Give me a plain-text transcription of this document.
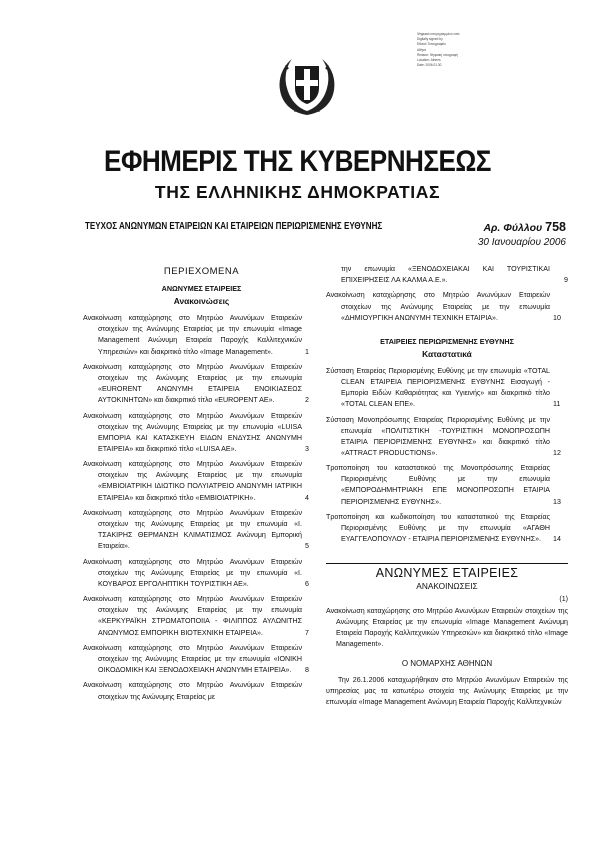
Ψηφιακά υπογεγραμμένο από
Digitally signed by
Εθνικό Τυπογραφείο
Αθήνα
Reason: Ψηφιακή υπογραφή
Location: Athens
Date: 2006.01.30
ΕΦΗΜΕΡΙΣ ΤΗΣ ΚΥΒΕΡΝΗΣΕΩΣ
ΤΗΣ ΕΛΛΗΝΙΚΗΣ ΔΗΜΟΚΡΑΤΙΑΣ
ΤΕΥΧΟΣ ΑΝΩΝΥΜΩΝ ΕΤΑΙΡΕΙΩΝ ΚΑΙ ΕΤΑΙΡΕΙΩΝ ΠΕΡΙΩΡΙΣΜΕΝΗΣ ΕΥΘΥΝΗΣ	Αρ. Φύλλου 758
30 Ιανουαρίου 2006
ΠΕΡΙΕΧΟΜΕΝΑ
ΑΝΩΝΥΜΕΣ ΕΤΑΙΡΕΙΕΣ
Ανακοινώσεις
Ανακοίνωση καταχώρησης στο Μητρώο Ανωνύμων Εταιρειών στοιχείων της Ανώνυμης Εταιρείας με την επωνυμία «Image Management Ανώνυμη Εταιρεία Παροχής Καλλιτεχνικών Υπηρεσιών» και διακριτικό τίτλο «Image Management».	1
Ανακοίνωση καταχώρησης στο Μητρώο Ανωνύμων Εταιρειών στοιχείων της Ανώνυμης Εταιρείας με την επωνυμία «EURORENT ΑΝΩΝΥΜΗ ΕΤΑΙΡΕΙΑ ΕΝΟΙΚΙΑΣΕΩΣ ΑΥΤΟΚΙΝΗΤΩΝ» και διακριτικό τίτλο «EUROPENT AE».	2
Ανακοίνωση καταχώρησης στο Μητρώο Ανωνύμων Εταιρειών στοιχείων της Ανώνυμης Εταιρείας με την επωνυμία «LUISA ΕΜΠΟΡΙΑ ΚΑΙ ΚΑΤΑΣΚΕΥΗ ΕΙΔΩΝ ΕΝΔΥΣΗΣ ΑΝΩΝΥΜΗ ΕΤΑΙΡΕΙΑ» και διακριτικό τίτλο «LUISA AE».	3
Ανακοίνωση καταχώρησης στο Μητρώο Ανωνύμων Εταιρειών στοιχείων της Ανώνυμης Εταιρείας με την επωνυμία «ΕΜΒΙΟΙΑΤΡΙΚΗ ΙΔΙΩΤΙΚΟ ΠΟΛΥΙΑΤΡΕΙΟ ΑΝΩΝΥΜΗ ΙΑΤΡΙΚΗ ΕΤΑΙΡΕΙΑ» και διακριτικό τίτλο «ΕΜΒΙΟΙΑΤΡΙΚΗ».	4
Ανακοίνωση καταχώρησης στο Μητρώο Ανωνύμων Εταιρειών στοιχείων της Ανώνυμης Εταιρείας με την επωνυμία «Ι. ΤΣΑΚΙΡΗΣ ΘΕΡΜΑΝΣΗ ΚΛΙΜΑΤΙΣΜΟΣ Ανώνυμη Εμπορική Εταιρεία».	5
Ανακοίνωση καταχώρησης στο Μητρώο Ανωνύμων Εταιρειών στοιχείων της Ανώνυμης Εταιρείας με την επωνυμία «Ι. ΚΟΥΒΑΡΟΣ ΕΡΓΟΛΗΠΤΙΚΗ ΤΟΥΡΙΣΤΙΚΗ ΑΕ».	6
Ανακοίνωση καταχώρησης στο Μητρώο Ανωνύμων Εταιρειών στοιχείων της Ανώνυμης Εταιρείας με την επωνυμία «ΚΕΡΚΥΡΑΪΚΗ ΣΤΡΩΜΑΤΟΠΟΙΙΑ - ΦΙΛΙΠΠΟΣ ΑΥΛΩΝΙΤΗΣ ΑΝΩΝΥΜΟΣ ΕΜΠΟΡΙΚΗ ΒΙΟΤΕΧΝΙΚΗ ΕΤΑΙΡΕΙΑ».	7
Ανακοίνωση καταχώρησης στο Μητρώο Ανωνύμων Εταιρειών στοιχείων της Ανώνυμης Εταιρείας με την επωνυμία «ΙΟΝΙΚΗ ΟΙΚΟΔΟΜΙΚΗ ΚΑΙ ΞΕΝΟΔΟΧΕΙΑΚΗ ΑΝΩΝΥΜΗ ΕΤΑΙΡΕΙΑ». 8
Ανακοίνωση καταχώρησης στο Μητρώο Ανωνύμων Εταιρειών στοιχείων της Ανώνυμης Εταιρείας με
την επωνυμία «ΞΕΝΟΔΟΧΕΙΑΚΑΙ ΚΑΙ ΤΟΥΡΙΣΤΙΚΑΙ ΕΠΙΧΕΙΡΗΣΕΙΣ ΛΑ ΚΑΛΜΑ Α.Ε.».	9
Ανακοίνωση καταχώρησης στο Μητρώο Ανωνύμων Εταιρειών στοιχείων της Ανώνυμης Εταιρείας με την επωνυμία «ΔΗΜΙΟΥΡΓΙΚΗ ΑΝΩΝΥΜΗ ΤΕΧΝΙΚΗ ΕΤΑΙΡΙΑ».	10
ΕΤΑΙΡΕΙΕΣ ΠΕΡΙΩΡΙΣΜΕΝΗΣ ΕΥΘΥΝΗΣ
Καταστατικά
Σύσταση Εταιρείας Περιορισμένης Ευθύνης με την επωνυμία «TOTAL CLEAN ΕΤΑΙΡΕΙΑ ΠΕΡΙΟΡΙΣΜΕΝΗΣ ΕΥΘΥΝΗΣ Εισαγωγή - Εμπορία Ειδών Καθαριότητας και Υγιεινής» και διακριτικό τίτλο «TOTAL CLEAN ΕΠΕ».	11
Σύσταση Μονοπρόσωπης Εταιρείας Περιορισμένης Ευθύνης με την επωνυμία «ΠΟΛΙΤΙΣΤΙΚΗ -ΤΟΥΡΙΣΤΙΚΗ ΜΟΝΟΠΡΟΣΩΠΗ ΕΤΑΙΡΙΑ ΠΕΡΙΟΡΙΣΜΕΝΗΣ ΕΥΘΥΝΗΣ» και διακριτικό τίτλο «ATTRACT PRODUCTIONS».	12
Τροποποίηση του καταστατικού της Μονοπρόσωπης Εταιρείας Περιορισμένης Ευθύνης με την επωνυμία «ΕΜΠΟΡΟΔΗΜΗΤΡΙΑΚΗ ΕΠΕ ΜΟΝΟΠΡΟΣΩΠΗ ΕΤΑΙΡΙΑ ΠΕΡΙΟΡΙΣΜΕΝΗΣ ΕΥΘΥΝΗΣ».	13
Τροποποίηση και κωδικοποίηση του καταστατικού της Εταιρείας Περιορισμένης Ευθύνης με την επωνυμία «ΑΓΑΘΗ ΕΥΑΓΓΕΛΟΠΟΥΛΟΥ - ΕΤΑΙΡΙΑ ΠΕΡΙΟΡΙΣΜΕΝΗΣ ΕΥΘΥΝΗΣ». 14
ΑΝΩΝΥΜΕΣ ΕΤΑΙΡΕΙΕΣ
ΑΝΑΚΟΙΝΩΣΕΙΣ
(1)

Ανακοίνωση καταχώρησης στο Μητρώο Ανωνύμων Εταιρειών στοιχείων της Ανώνυμης Εταιρείας με την επωνυμία «Image Management Ανώνυμη Εταιρεία Παροχής Καλλιτεχνικών Υπηρεσιών» και διακριτικό τίτλο «Image Management».

Ο ΝΟΜΑΡΧΗΣ ΑΘΗΝΩΝ

Την 26.1.2006 καταχωρήθηκαν στο Μητρώο Ανωνύμων Εταιρειών της υπηρεσίας μας τα κατωτέρω στοιχεία της Ανώνυμης Εταιρείας με την επωνυμία «Image Management Ανώνυμη Εταιρεία Παροχής Καλλιτεχνικών
